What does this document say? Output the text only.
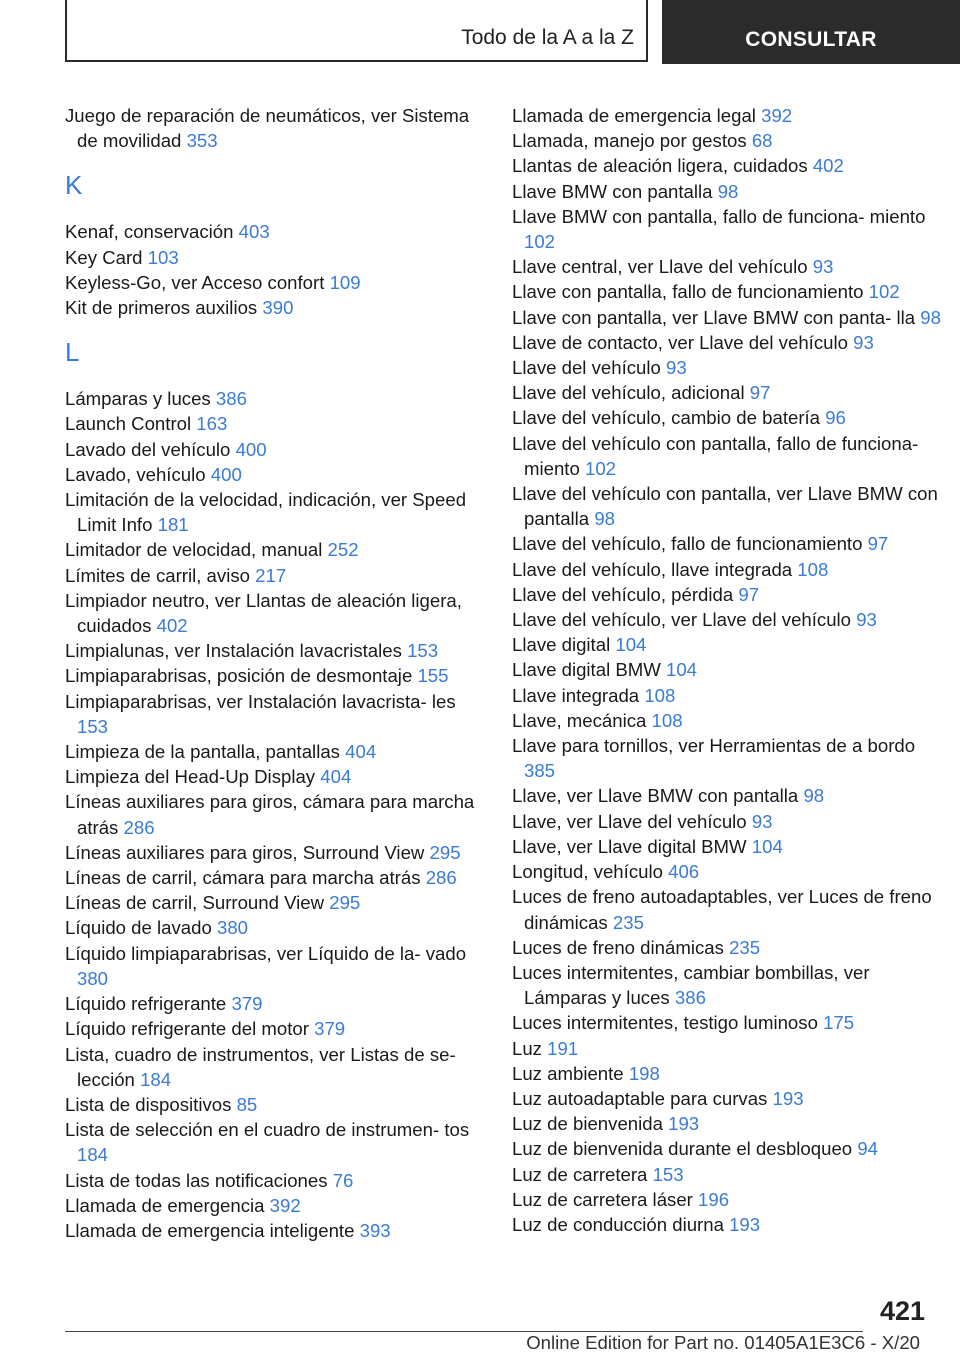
Todo de la A a la Z	CONSULTAR
Juego de reparación de neumáticos, ver Sistema de movilidad 353
K
Kenaf, conservación 403
Key Card 103
Keyless-Go, ver Acceso confort 109
Kit de primeros auxilios 390
L
Lámparas y luces 386
Launch Control 163
Lavado del vehículo 400
Lavado, vehículo 400
Limitación de la velocidad, indicación, ver Speed Limit Info 181
Limitador de velocidad, manual 252
Límites de carril, aviso 217
Limpiador neutro, ver Llantas de aleación ligera, cuidados 402
Limpialunas, ver Instalación lavacristales 153
Limpiaparabrisas, posición de desmontaje 155
Limpiaparabrisas, ver Instalación lavacrista‐ les 153
Limpieza de la pantalla, pantallas 404
Limpieza del Head-Up Display 404
Líneas auxiliares para giros, cámara para marcha atrás 286
Líneas auxiliares para giros, Surround View 295
Líneas de carril, cámara para marcha atrás 286
Líneas de carril, Surround View 295
Líquido de lavado 380
Líquido limpiaparabrisas, ver Líquido de la‐ vado 380
Líquido refrigerante 379
Líquido refrigerante del motor 379
Lista, cuadro de instrumentos, ver Listas de se‐ lección 184
Lista de dispositivos 85
Lista de selección en el cuadro de instrumen‐ tos 184
Lista de todas las notificaciones 76
Llamada de emergencia 392
Llamada de emergencia inteligente 393
Llamada de emergencia legal 392
Llamada, manejo por gestos 68
Llantas de aleación ligera, cuidados 402
Llave BMW con pantalla 98
Llave BMW con pantalla, fallo de funciona‐ miento 102
Llave central, ver Llave del vehículo 93
Llave con pantalla, fallo de funcionamiento 102
Llave con pantalla, ver Llave BMW con panta‐ lla 98
Llave de contacto, ver Llave del vehículo 93
Llave del vehículo 93
Llave del vehículo, adicional 97
Llave del vehículo, cambio de batería 96
Llave del vehículo con pantalla, fallo de funciona‐ miento 102
Llave del vehículo con pantalla, ver Llave BMW con pantalla 98
Llave del vehículo, fallo de funcionamiento 97
Llave del vehículo, llave integrada 108
Llave del vehículo, pérdida 97
Llave del vehículo, ver Llave del vehículo 93
Llave digital 104
Llave digital BMW 104
Llave integrada 108
Llave, mecánica 108
Llave para tornillos, ver Herramientas de a bordo 385
Llave, ver Llave BMW con pantalla 98
Llave, ver Llave del vehículo 93
Llave, ver Llave digital BMW 104
Longitud, vehículo 406
Luces de freno autoadaptables, ver Luces de freno dinámicas 235
Luces de freno dinámicas 235
Luces intermitentes, cambiar bombillas, ver Lámparas y luces 386
Luces intermitentes, testigo luminoso 175
Luz 191
Luz ambiente 198
Luz autoadaptable para curvas 193
Luz de bienvenida 193
Luz de bienvenida durante el desbloqueo 94
Luz de carretera 153
Luz de carretera láser 196
Luz de conducción diurna 193
421
Online Edition for Part no. 01405A1E3C6 - X/20
